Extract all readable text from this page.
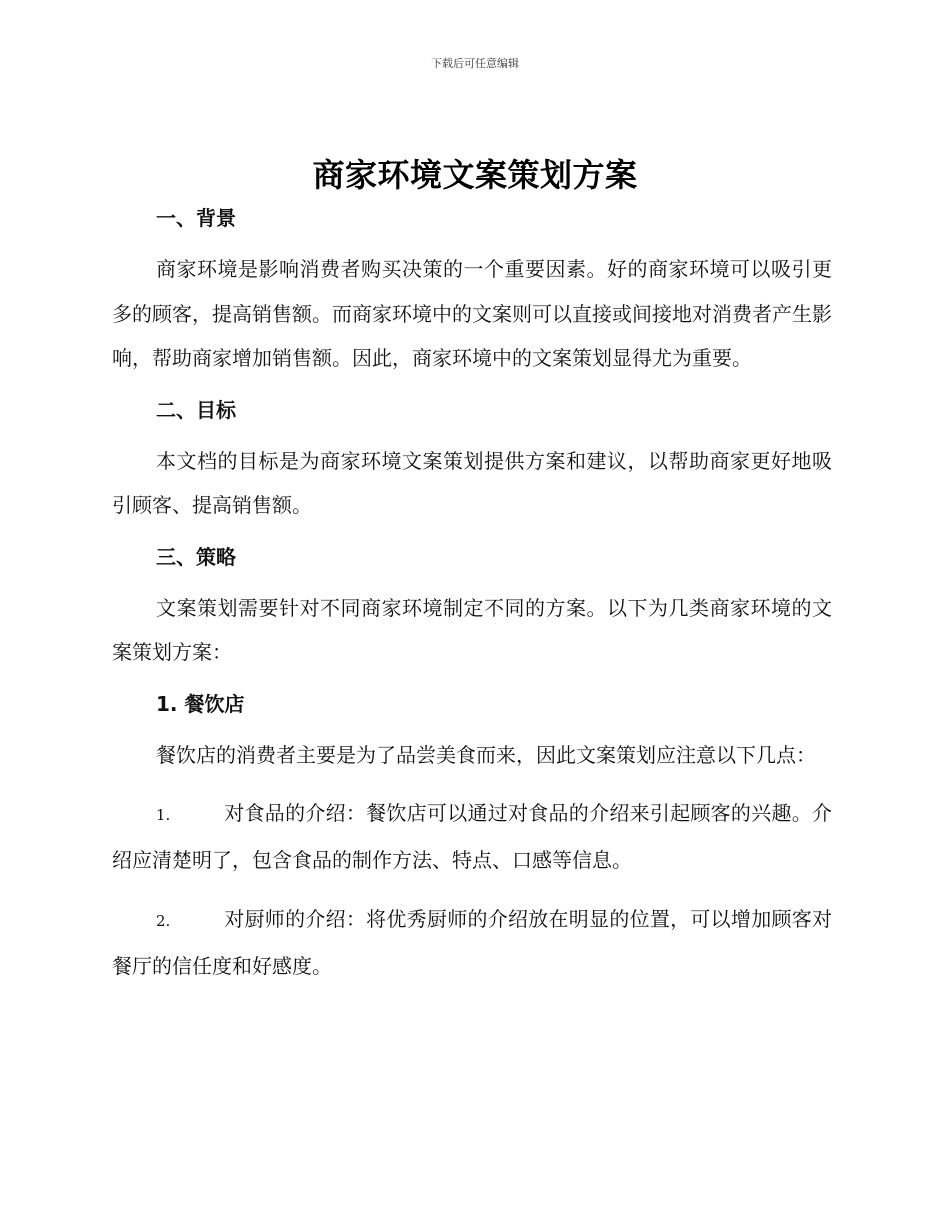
下载后可任意编辑
商家环境文案策划方案

一、背景

商家环境是影响消费者购买决策的一个重要因素。好的商家环境可以吸引更多的顾客，提高销售额。而商家环境中的文案则可以直接或间接地对消费者产生影响，帮助商家增加销售额。因此，商家环境中的文案策划显得尤为重要。

二、目标

本文档的目标是为商家环境文案策划提供方案和建议，以帮助商家更好地吸引顾客、提高销售额。

三、策略

文案策划需要针对不同商家环境制定不同的方案。以下为几类商家环境的文案策划方案：

1. 餐饮店

餐饮店的消费者主要是为了品尝美食而来，因此文案策划应注意以下几点：

1.	对食品的介绍：餐饮店可以通过对食品的介绍来引起顾客的兴趣。介绍应清楚明了，包含食品的制作方法、特点、口感等信息。

2.	对厨师的介绍：将优秀厨师的介绍放在明显的位置，可以增加顾客对餐厅的信任度和好感度。
